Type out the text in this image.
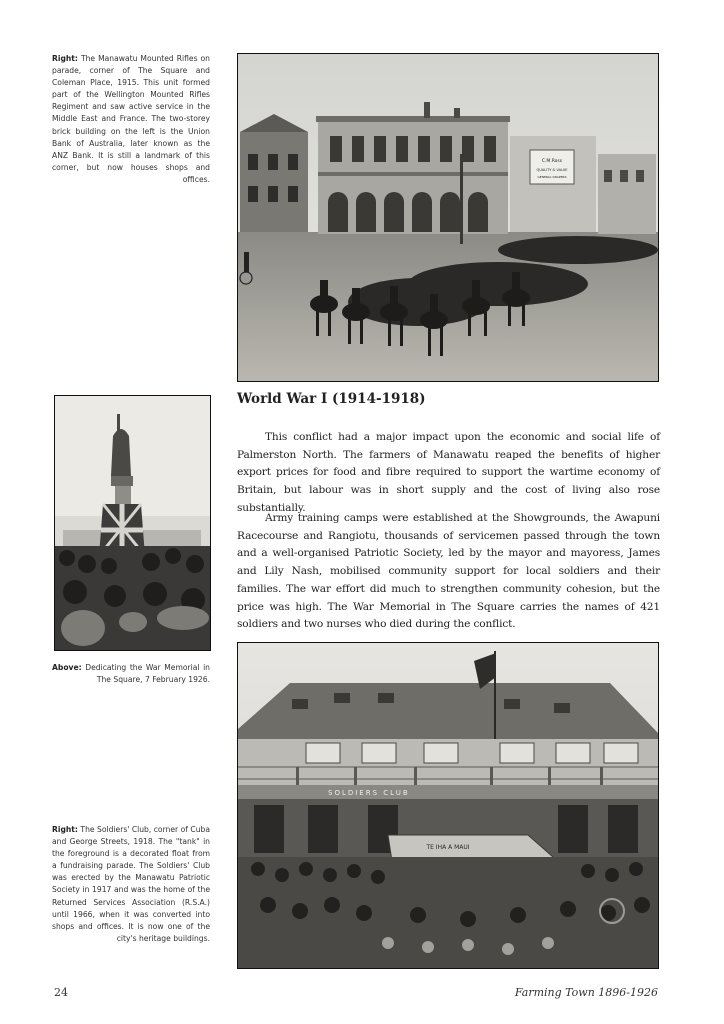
Right: The Manawatu Mounted Rifles on parade, corner of The Square and Coleman Place, 1915. This unit formed part of the Wellington Mounted Rifles Regiment and saw active service in the Middle East and France. The two-storey brick building on the left is the Union Bank of Australia, later known as the ANZ Bank. It is still a landmark of this corner, but now houses shops and offices.
C.M.Ross
QUALITY & VALUE
GENERAL DRAPERS
Above: Dedicating the War Memorial in The Square, 7 February 1926.
World War I (1914-1918)

This conflict had a major impact upon the economic and social life of Palmerston North. The farmers of Manawatu reaped the benefits of higher export prices for food and fibre required to support the wartime economy of Britain, but labour was in short supply and the cost of living also rose substantially.

Army training camps were established at the Showgrounds, the Awapuni Racecourse and Rangiotu, thousands of servicemen passed through the town and a well-organised Patriotic Society, led by the mayor and mayoress, James and Lily Nash, mobilised community support for local soldiers and their families. The war effort did much to strengthen community cohesion, but the price was high. The War Memorial in The Square carries the names of 421 soldiers and two nurses who died during the conflict.

SOLDIERS CLUB
TE IHA A MAUI
Right: The Soldiers' Club, corner of Cuba and George Streets, 1918. The "tank" in the foreground is a decorated float from a fundraising parade. The Soldiers' Club was erected by the Manawatu Patriotic Society in 1917 and was the home of the Returned Services Association (R.S.A.) until 1966, when it was converted into shops and offices. It is now one of the city's heritage buildings.
24	Farming Town 1896-1926
